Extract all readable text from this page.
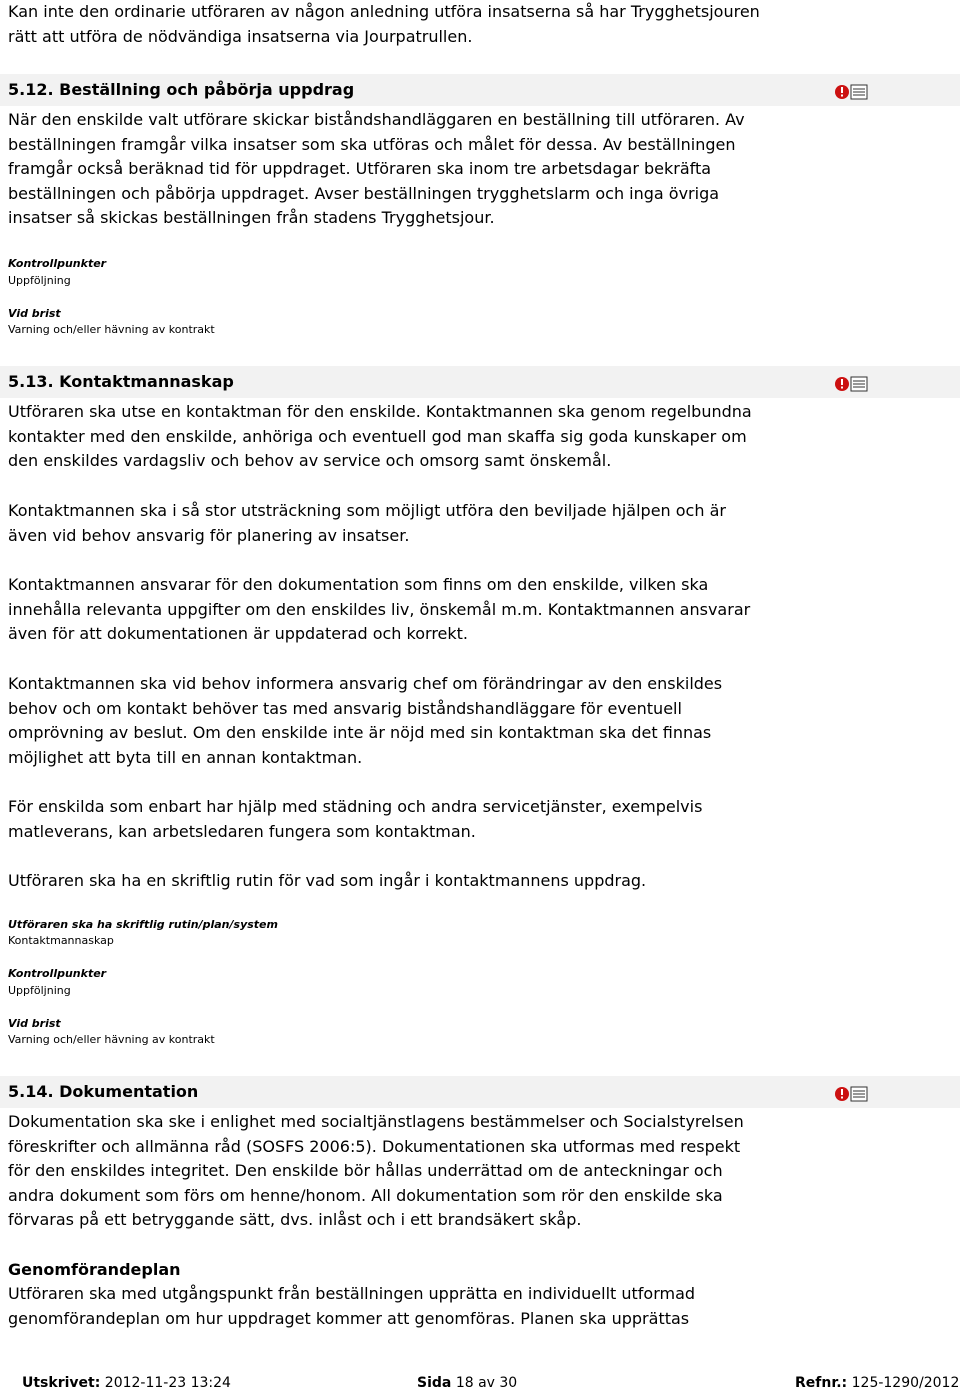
Kan inte den ordinarie utföraren av någon anledning utföra insatserna så har Trygghetsjouren
rätt att utföra de nödvändiga insatserna via Jourpatrullen.
5.12. Beställning och påbörja uppdrag
När den enskilde valt utförare skickar biståndshandläggaren en beställning till utföraren. Av
beställningen framgår vilka insatser som ska utföras och målet för dessa. Av beställningen
framgår också beräknad tid för uppdraget. Utföraren ska inom tre arbetsdagar bekräfta
beställningen och påbörja uppdraget. Avser beställningen trygghetslarm och inga övriga
insatser så skickas beställningen från stadens Trygghetsjour.
Kontrollpunkter
Uppföljning
Vid brist
Varning och/eller hävning av kontrakt
5.13. Kontaktmannaskap
Utföraren ska utse en kontaktman för den enskilde. Kontaktmannen ska genom regelbundna
kontakter med den enskilde, anhöriga och eventuell god man skaffa sig goda kunskaper om
den enskildes vardagsliv och behov av service och omsorg samt önskemål.
Kontaktmannen ska i så stor utsträckning som möjligt utföra den beviljade hjälpen och är
även vid behov ansvarig för planering av insatser.
Kontaktmannen ansvarar för den dokumentation som finns om den enskilde, vilken ska
innehålla relevanta uppgifter om den enskildes liv, önskemål m.m. Kontaktmannen ansvarar
även för att dokumentationen är uppdaterad och korrekt.
Kontaktmannen ska vid behov informera ansvarig chef om förändringar av den enskildes
behov och om kontakt behöver tas med ansvarig biståndshandläggare för eventuell
omprövning av beslut. Om den enskilde inte är nöjd med sin kontaktman ska det finnas
möjlighet att byta till en annan kontaktman.
För enskilda som enbart har hjälp med städning och andra servicetjänster, exempelvis
matleverans, kan arbetsledaren fungera som kontaktman.
Utföraren ska ha en skriftlig rutin för vad som ingår i kontaktmannens uppdrag.
Utföraren ska ha skriftlig rutin/plan/system
Kontaktmannaskap
Kontrollpunkter
Uppföljning
Vid brist
Varning och/eller hävning av kontrakt
5.14. Dokumentation
Dokumentation ska ske i enlighet med socialtjänstlagens bestämmelser och Socialstyrelsen
föreskrifter och allmänna råd (SOSFS 2006:5). Dokumentationen ska utformas med respekt
för den enskildes integritet. Den enskilde bör hållas underrättad om de anteckningar och
andra dokument som förs om henne/honom. All dokumentation som rör den enskilde ska
förvaras på ett betryggande sätt, dvs. inlåst och i ett brandsäkert skåp.
Genomförandeplan
Utföraren ska med utgångspunkt från beställningen upprätta en individuellt utformad
genomförandeplan om hur uppdraget kommer att genomföras. Planen ska upprättas
Utskrivet: 2012-11-23 13:24	Sida 18 av 30	Refnr.: 125-1290/2012
